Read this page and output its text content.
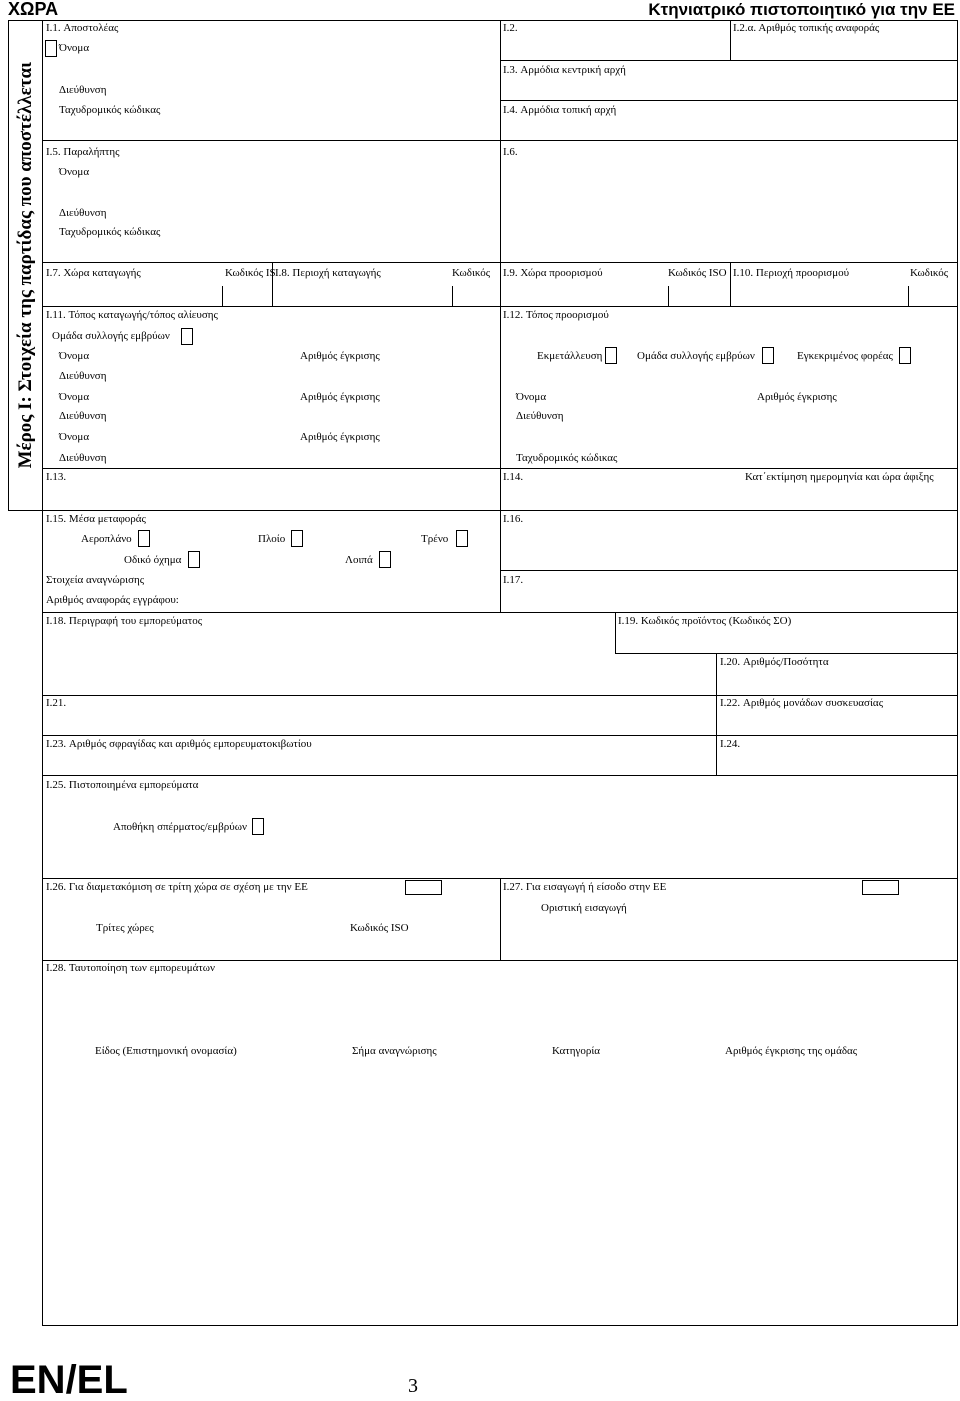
ΧΩΡΑ	Κτηνιατρικό πιστοποιητικό για την ΕΕ
Μέρος I: Στοιχεία της παρτίδας που αποστέλλεται
I.1. Αποστολέας
Όνομα
Διεύθυνση
Ταχυδρομικός κώδικας
I.2.	I.2.α. Αριθμός τοπικής αναφοράς
I.3. Αρμόδια κεντρική αρχή
I.4. Αρμόδια τοπική αρχή
I.5. Παραλήπτης
Όνομα
Διεύθυνση
Ταχυδρομικός κώδικας
I.6.
I.7. Χώρα καταγωγής	Κωδικός IS I.8. Περιοχή καταγωγής	Κωδικός I.9. Χώρα προορισμού	Κωδικός ISO I.10. Περιοχή προορισμού	Κωδικός
I.11. Τόπος καταγωγής/τόπος αλίευσης
Ομάδα συλλογής εμβρύων
Όνομα	Αριθμός έγκρισης
Διεύθυνση
Όνομα	Αριθμός έγκρισης
Διεύθυνση
Όνομα	Αριθμός έγκρισης
Διεύθυνση
I.12. Τόπος προορισμού
Εκμετάλλευση	Ομάδα συλλογής εμβρύων	Εγκεκριμένος φορέας
Όνομα	Αριθμός έγκρισης
Διεύθυνση
Ταχυδρομικός κώδικας
I.13.	I.14.	Κατ΄εκτίμηση ημερομηνία και ώρα άφιξης
I.15. Μέσα μεταφοράς
Αεροπλάνο	Πλοίο	Τρένο
Οδικό όχημα	Λοιπά
Στοιχεία αναγνώρισης
Αριθμός αναφοράς εγγράφου:
I.16.
I.17.
I.18. Περιγραφή του εμπορεύματος	I.19. Κωδικός προϊόντος (Κωδικός ΣΟ)
I.20. Αριθμός/Ποσότητα
I.21.	I.22. Αριθμός μονάδων συσκευασίας
I.23. Αριθμός σφραγίδας και αριθμός εμπορευματοκιβωτίου	I.24.
I.25. Πιστοποιημένα εμπορεύματα
Αποθήκη σπέρματος/εμβρύων
I.26. Για διαμετακόμιση σε τρίτη χώρα σε σχέση με την ΕΕ
Τρίτες χώρες	Κωδικός ISO
I.27. Για εισαγωγή ή είσοδο στην ΕΕ
Οριστική εισαγωγή
I.28. Ταυτοποίηση των εμπορευμάτων
Είδος (Επιστημονική ονομασία)	Σήμα αναγνώρισης	Κατηγορία	Αριθμός έγκρισης της ομάδας
EN/EL	3
